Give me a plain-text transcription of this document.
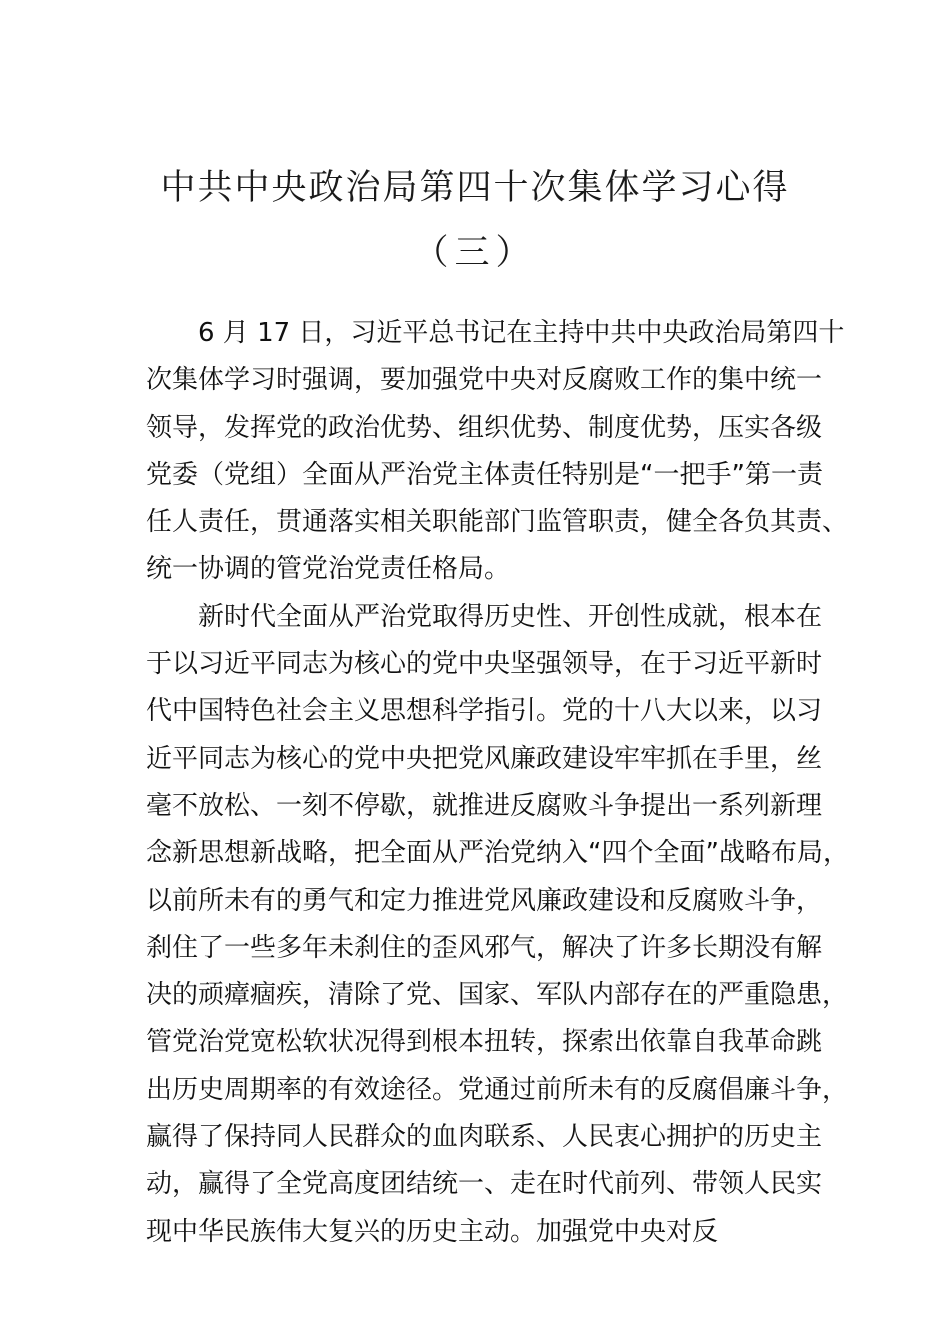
中共中央政治局第四十次集体学习心得
（三）
6 月 17 日，习近平总书记在主持中共中央政治局第四十
次集体学习时强调，要加强党中央对反腐败工作的集中统一
领导，发挥党的政治优势、组织优势、制度优势，压实各级
党委（党组）全面从严治党主体责任特别是“一把手”第一责
任人责任，贯通落实相关职能部门监管职责，健全各负其责、
统一协调的管党治党责任格局。
新时代全面从严治党取得历史性、开创性成就，根本在
于以习近平同志为核心的党中央坚强领导，在于习近平新时
代中国特色社会主义思想科学指引。党的十八大以来，以习
近平同志为核心的党中央把党风廉政建设牢牢抓在手里，丝
毫不放松、一刻不停歇，就推进反腐败斗争提出一系列新理
念新思想新战略，把全面从严治党纳入“四个全面”战略布局，
以前所未有的勇气和定力推进党风廉政建设和反腐败斗争，
刹住了一些多年未刹住的歪风邪气，解决了许多长期没有解
决的顽瘴痼疾，清除了党、国家、军队内部存在的严重隐患，
管党治党宽松软状况得到根本扭转，探索出依靠自我革命跳
出历史周期率的有效途径。党通过前所未有的反腐倡廉斗争，
赢得了保持同人民群众的血肉联系、人民衷心拥护的历史主
动，赢得了全党高度团结统一、走在时代前列、带领人民实
现中华民族伟大复兴的历史主动。加强党中央对反
